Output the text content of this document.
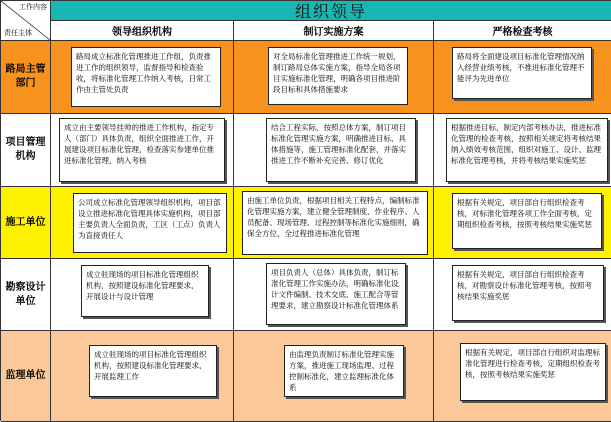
工作内容
责任主体
组织领导
领导组织机构	制订实施方案	严格检查考核
路局主管部门
路局成立标准化管理推进工作组，负责推进工作的组织领导，监督指导和检查验收，将标准化管理工作纳入考核，日常工作由主管处负责
对全局标准化管理推进工作统一规划，制订路局总体实施方案，指导全局各项目实施标准化管理，明确各项目推进阶段目标和具体措施要求
路局将全面建设项目标准化管理情况纳入经营业绩考核，不推进标准化管理不能评为先进单位
项目管理机构
成立由主要领导挂帅的推进工作机构，指定专人（部门）具体负责，组织全面推进工作，开展建设项目标准化管理，检查落实参建单位推进标准化管理，纳入考核
结合工程实际，按照总体方案，制订项目标准化管理实施方案，明确推进目标、具体措施等，施工管理标准化配套，并落实推进工作不断补充完善、修订优化
根据推进目标，制定内部考核办法，推进标准化管理的检查考核，按照相关规定将考核结果纳入绩效考核范围，组织对施工、设计、监理标准化管理考核，并将考核结果实施奖惩
施工单位
公司成立标准化管理领导组织机构，项目部设立推进标准化管理具体实施机构，项目部主要负责人全面负责，工区（工点）负责人为直接责任人
由施工单位负责，根据项目相关工程特点，编制标准化管理实施方案，建立健全管理制度、作业程序、人员配备、现场管理、过程控制等标准化实施细则，确保全方位、全过程推进标准化管理
根据有关规定，项目部自行组织检查考核，对标准化管理各项工作全面考核，定期组织检查考核，按照考核结果实施奖惩
勘察设计单位
成立驻现场的项目标准化管理组织机构，按照建设标准化管理要求，开展设计与设计管理
项目负责人（总体）具体负责，制订标准化管理工作实施办法，明确标准化设计文件编制、技术交底、施工配合等管理要求，建立勘察设计标准化管理体系
根据有关规定，项目部自行组织检查考核，对勘察设计标准化管理考核，按照考核结果实施奖惩
监理单位
成立驻现场的项目标准化管理组织机构，按照建设标准化管理要求，开展监理工作
由监理负责制订标准化管理实施方案，推进施工现场监理、过程控制标准化，建立监理标准化体系
根据有关规定，项目部自行组织对监理标准化管理进行检查考核，定期组织检查考核，按照考核结果实施奖惩
